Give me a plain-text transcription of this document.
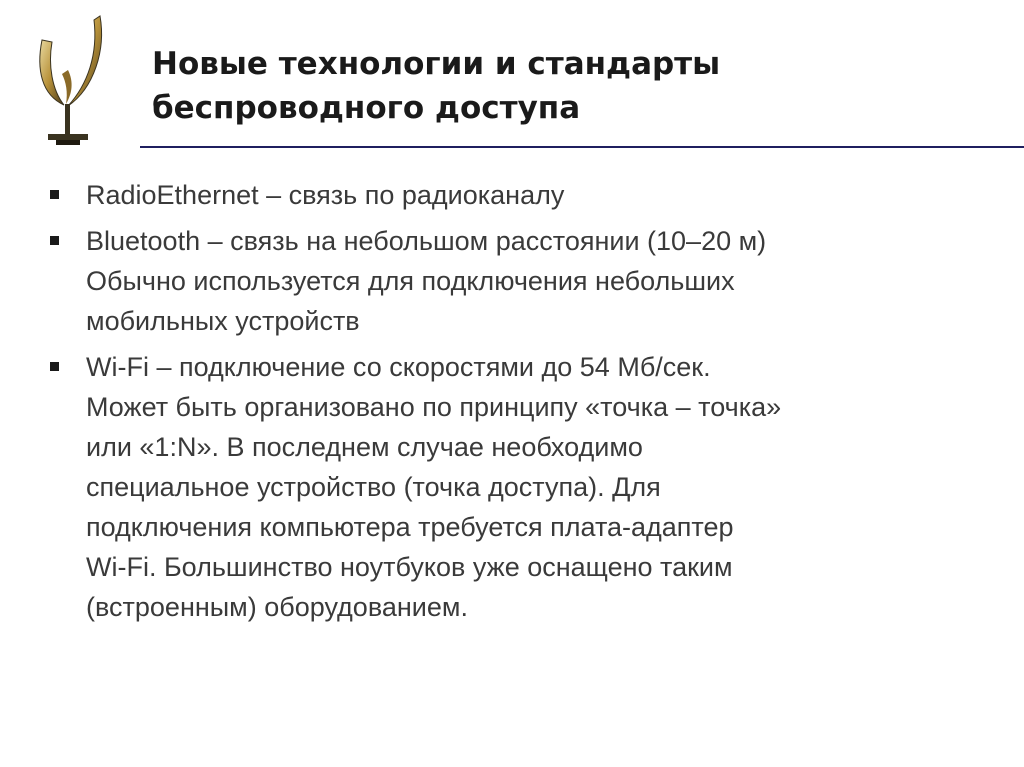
Новые технологии и стандарты
беспроводного доступа
RadioEthernet – связь по радиоканалу
Bluetooth – связь на небольшом расстоянии (10–20 м)
Обычно используется для подключения небольших
мобильных устройств
Wi-Fi – подключение со скоростями до 54 Мб/сек.
Может быть организовано по принципу «точка – точка»
или «1:N». В последнем случае необходимо
специальное устройство (точка доступа). Для
подключения компьютера требуется плата-адаптер
Wi-Fi. Большинство ноутбуков уже оснащено таким
(встроенным) оборудованием.
